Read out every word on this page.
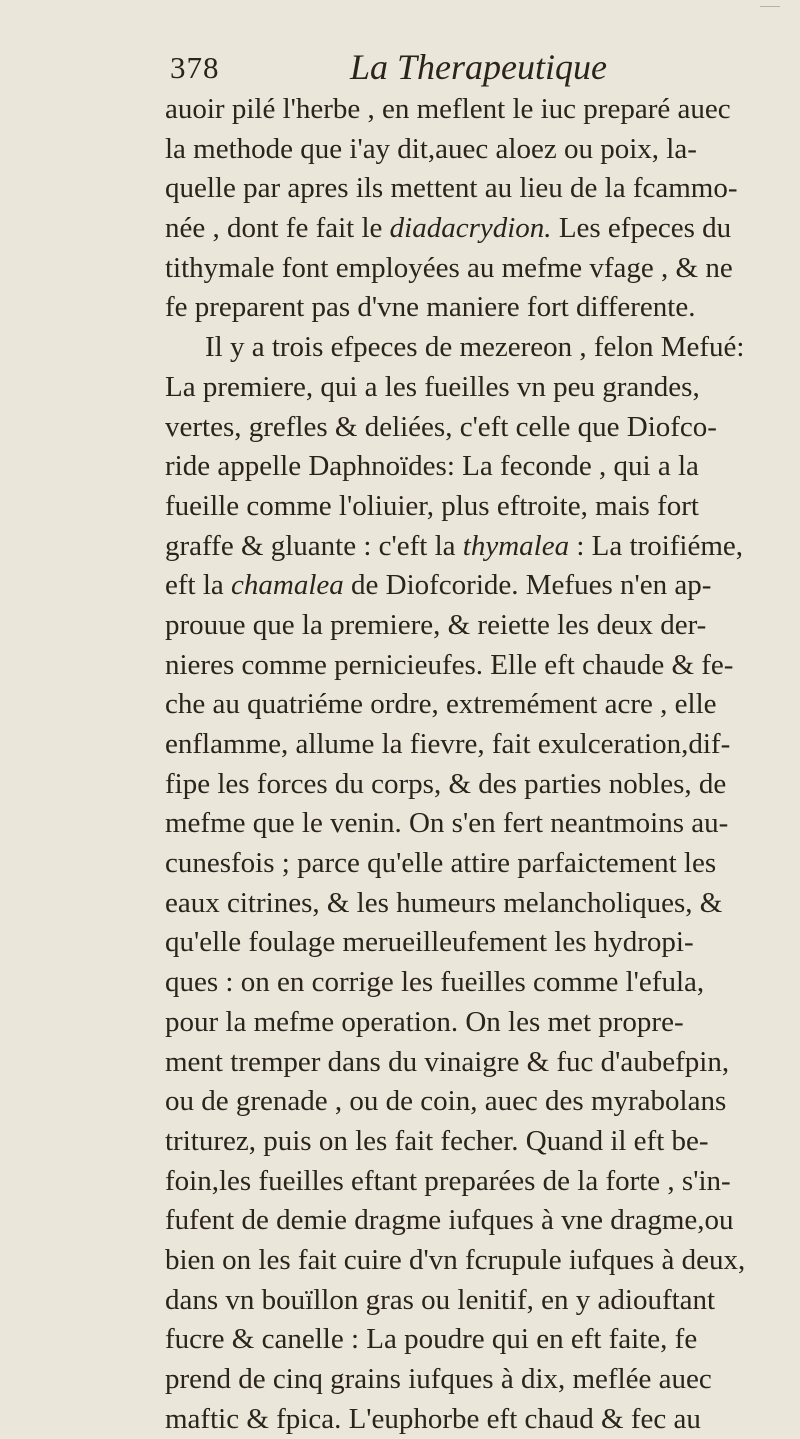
378	La Therapeutique
auoir pilé l'herbe , en meflent le iuc preparé auec
la methode que i'ay dit,auec aloez ou poix, la-
quelle par apres ils mettent au lieu de la fcammo-
née , dont fe fait le diadacrydion. Les efpeces du
tithymale font employées au mefme vfage , & ne
fe preparent pas d'vne maniere fort differente.
Il y a trois efpeces de mezereon , felon Mefué:
La premiere, qui a les fueilles vn peu grandes,
vertes, grefles & deliées, c'eft celle que Diofco-
ride appelle Daphnoïdes: La feconde , qui a la
fueille comme l'oliuier, plus eftroite, mais fort
graffe & gluante : c'eft la thymalea : La troifiéme,
eft la chamalea de Diofcoride. Mefues n'en ap-
prouue que la premiere, & reiette les deux der-
nieres comme pernicieufes. Elle eft chaude & fe-
che au quatriéme ordre, extremément acre , elle
enflamme, allume la fievre, fait exulceration,dif-
fipe les forces du corps, & des parties nobles, de
mefme que le venin. On s'en fert neantmoins au-
cunesfois ; parce qu'elle attire parfaictement les
eaux citrines, & les humeurs melancholiques, &
qu'elle foulage merueilleufement les hydropi-
ques : on en corrige les fueilles comme l'efula,
pour la mefme operation. On les met propre-
ment tremper dans du vinaigre & fuc d'aubefpin,
ou de grenade , ou de coin, auec des myrabolans
triturez, puis on les fait fecher. Quand il eft be-
foin,les fueilles eftant preparées de la forte , s'in-
fufent de demie dragme iufques à vne dragme,ou
bien on les fait cuire d'vn fcrupule iufques à deux,
dans vn bouïllon gras ou lenitif, en y adiouftant
fucre & canelle : La poudre qui en eft faite, fe
prend de cinq grains iufques à dix, meflée auec
maftic & fpica. L'euphorbe eft chaud & fec au
